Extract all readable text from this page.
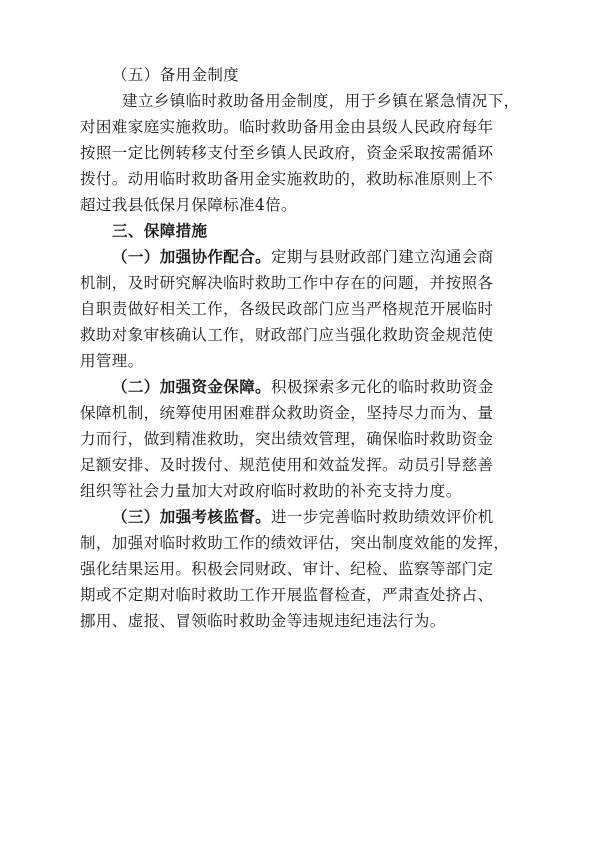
（五）备用金制度
建立乡镇临时救助备用金制度，用于乡镇在紧急情况下，
对困难家庭实施救助。临时救助备用金由县级人民政府每年
按照一定比例转移支付至乡镇人民政府，资金采取按需循环
拨付。动用临时救助备用金实施救助的，救助标准原则上不
超过我县低保月保障标准4倍。
三、保障措施
（一）加强协作配合。定期与县财政部门建立沟通会商
机制，及时研究解决临时救助工作中存在的问题，并按照各
自职责做好相关工作，各级民政部门应当严格规范开展临时
救助对象审核确认工作，财政部门应当强化救助资金规范使
用管理。
（二）加强资金保障。积极探索多元化的临时救助资金
保障机制，统筹使用困难群众救助资金，坚持尽力而为、量
力而行，做到精准救助，突出绩效管理，确保临时救助资金
足额安排、及时拨付、规范使用和效益发挥。动员引导慈善
组织等社会力量加大对政府临时救助的补充支持力度。
（三）加强考核监督。进一步完善临时救助绩效评价机
制，加强对临时救助工作的绩效评估，突出制度效能的发挥，
强化结果运用。积极会同财政、审计、纪检、监察等部门定
期或不定期对临时救助工作开展监督检查，严肃查处挤占、
挪用、虚报、冒领临时救助金等违规违纪违法行为。
